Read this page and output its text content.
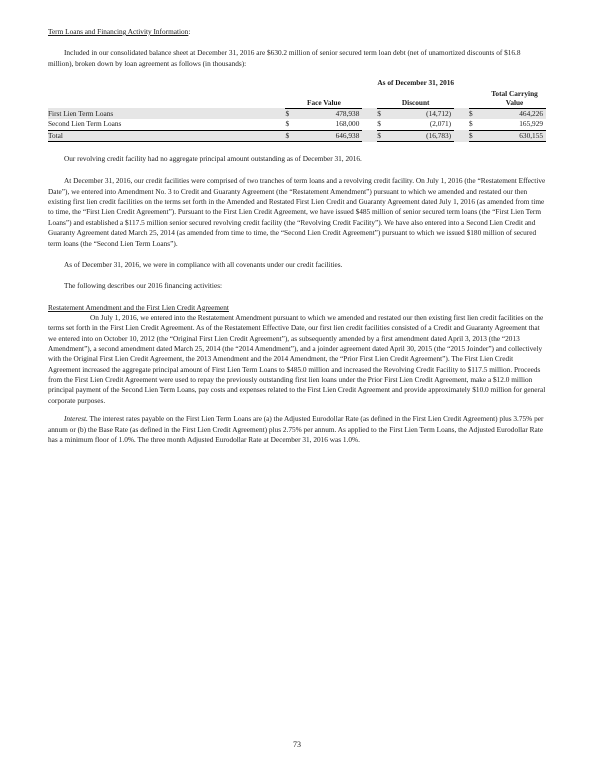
Term Loans and Financing Activity Information:

Included in our consolidated balance sheet at December 31, 2016 are $630.2 million of senior secured term loan debt (net of unamortized discounts of $16.8 million), broken down by loan agreement as follows (in thousands):

	As of December 31, 2016							
	Face Value			Discount			Total Carrying Value	
First Lien Term Loans	$	478,938		$	(14,712)		$	464,226
Second Lien Term Loans	$	168,000		$	(2,071)		$	165,929
Total	$	646,938		$	(16,783)		$	630,155

Our revolving credit facility had no aggregate principal amount outstanding as of December 31, 2016.

At December 31, 2016, our credit facilities were comprised of two tranches of term loans and a revolving credit facility. On July 1, 2016 (the “Restatement Effective Date”), we entered into Amendment No. 3 to Credit and Guaranty Agreement (the “Restatement Amendment”) pursuant to which we amended and restated our then existing first lien credit facilities on the terms set forth in the Amended and Restated First Lien Credit and Guaranty Agreement dated July 1, 2016 (as amended from time to time, the “First Lien Credit Agreement”). Pursuant to the First Lien Credit Agreement, we have issued $485 million of senior secured term loans (the “First Lien Term Loans”) and established a $117.5 million senior secured revolving credit facility (the “Revolving Credit Facility”). We have also entered into a Second Lien Credit and Guaranty Agreement dated March 25, 2014 (as amended from time to time, the “Second Lien Credit Agreement”) pursuant to which we issued $180 million of secured term loans (the “Second Lien Term Loans”).

As of December 31, 2016, we were in compliance with all covenants under our credit facilities.

The following describes our 2016 financing activities:

Restatement Amendment and the First Lien Credit Agreement

On July 1, 2016, we entered into the Restatement Amendment pursuant to which we amended and restated our then existing first lien credit facilities on the terms set forth in the First Lien Credit Agreement. As of the Restatement Effective Date, our first lien credit facilities consisted of a Credit and Guaranty Agreement that we entered into on October 10, 2012 (the “Original First Lien Credit Agreement”), as subsequently amended by a first amendment dated April 3, 2013 (the “2013 Amendment”), a second amendment dated March 25, 2014 (the “2014 Amendment”), and a joinder agreement dated April 30, 2015 (the “2015 Joinder”) and collectively with the Original First Lien Credit Agreement, the 2013 Amendment and the 2014 Amendment, the “Prior First Lien Credit Agreement”). The First Lien Credit Agreement increased the aggregate principal amount of First Lien Term Loans to $485.0 million and increased the Revolving Credit Facility to $117.5 million. Proceeds from the First Lien Credit Agreement were used to repay the previously outstanding first lien loans under the Prior First Lien Credit Agreement, make a $12.0 million principal payment of the Second Lien Term Loans, pay costs and expenses related to the First Lien Credit Agreement and provide approximately $10.0 million for general corporate purposes.

Interest. The interest rates payable on the First Lien Term Loans are (a) the Adjusted Eurodollar Rate (as defined in the First Lien Credit Agreement) plus 3.75% per annum or (b) the Base Rate (as defined in the First Lien Credit Agreement) plus 2.75% per annum. As applied to the First Lien Term Loans, the Adjusted Eurodollar Rate has a minimum floor of 1.0%. The three month Adjusted Eurodollar Rate at December 31, 2016 was 1.0%.

73
